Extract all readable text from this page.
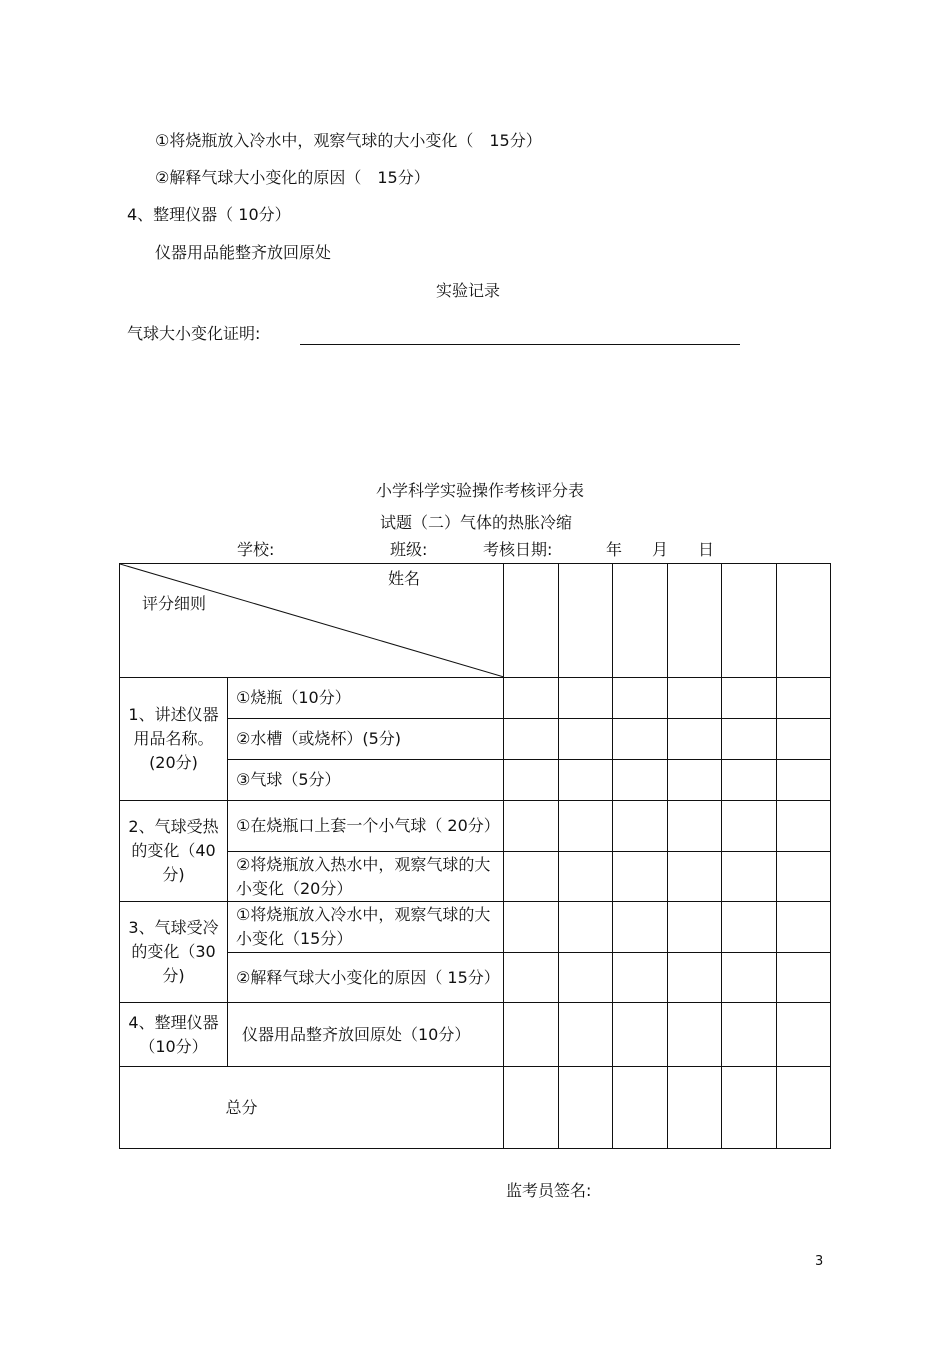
①将烧瓶放入冷水中，观察气球的大小变化（　15分）
②解释气球大小变化的原因（　15分）
4、整理仪器（ 10分）
仪器用品能整齐放回原处
实验记录
气球大小变化证明:
小学科学实验操作考核评分表
试题（二）气体的热胀冷缩
学校:	班级:	考核日期:	年 月 日
姓名
评分细则							

1、讲述仪器用品名称。(20分)	①烧瓶（10分）						
	②水槽（或烧杯）(5分)						
	③气球（5分）						
2、气球受热的变化（40分)	①在烧瓶口上套一个小气球（ 20分）						
	②将烧瓶放入热水中，观察气球的大小变化（20分）						
3、气球受冷的变化（30分)	①将烧瓶放入冷水中，观察气球的大小变化（15分）						
	②解释气球大小变化的原因（ 15分）						
4、整理仪器（10分）	仪器用品整齐放回原处（10分）						
总分							
监考员签名:
3
